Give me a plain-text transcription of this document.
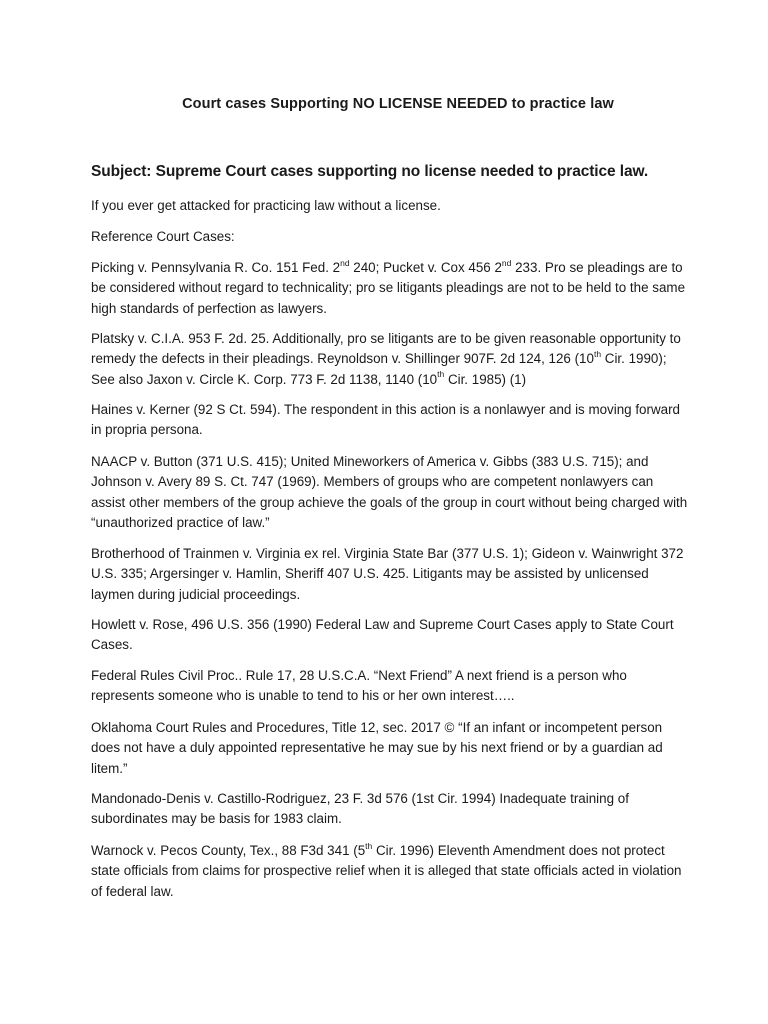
Court cases Supporting NO LICENSE NEEDED to practice law
Subject: Supreme Court cases supporting no license needed to practice law.
If you ever get attacked for practicing law without a license.
Reference Court Cases:
Picking v. Pennsylvania R. Co. 151 Fed. 2nd 240; Pucket v. Cox 456 2nd 233. Pro se pleadings are to be considered without regard to technicality; pro se litigants pleadings are not to be held to the same high standards of perfection as lawyers.
Platsky v. C.I.A. 953 F. 2d. 25. Additionally, pro se litigants are to be given reasonable opportunity to remedy the defects in their pleadings. Reynoldson v. Shillinger 907F. 2d 124, 126 (10th Cir. 1990); See also Jaxon v. Circle K. Corp. 773 F. 2d 1138, 1140 (10th Cir. 1985) (1)
Haines v. Kerner (92 S Ct. 594). The respondent in this action is a nonlawyer and is moving forward in propria persona.
NAACP v. Button (371 U.S. 415); United Mineworkers of America v. Gibbs (383 U.S. 715); and Johnson v. Avery 89 S. Ct. 747 (1969). Members of groups who are competent nonlawyers can assist other members of the group achieve the goals of the group in court without being charged with “unauthorized practice of law.”
Brotherhood of Trainmen v. Virginia ex rel. Virginia State Bar (377 U.S. 1); Gideon v. Wainwright 372 U.S. 335; Argersinger v. Hamlin, Sheriff 407 U.S. 425. Litigants may be assisted by unlicensed laymen during judicial proceedings.
Howlett v. Rose, 496 U.S. 356 (1990) Federal Law and Supreme Court Cases apply to State Court Cases.
Federal Rules Civil Proc.. Rule 17, 28 U.S.C.A. “Next Friend” A next friend is a person who represents someone who is unable to tend to his or her own interest…..
Oklahoma Court Rules and Procedures, Title 12, sec. 2017 © “If an infant or incompetent person does not have a duly appointed representative he may sue by his next friend or by a guardian ad litem.”
Mandonado-Denis v. Castillo-Rodriguez, 23 F. 3d 576 (1st Cir. 1994) Inadequate training of subordinates may be basis for 1983 claim.
Warnock v. Pecos County, Tex., 88 F3d 341 (5th Cir. 1996) Eleventh Amendment does not protect state officials from claims for prospective relief when it is alleged that state officials acted in violation of federal law.
